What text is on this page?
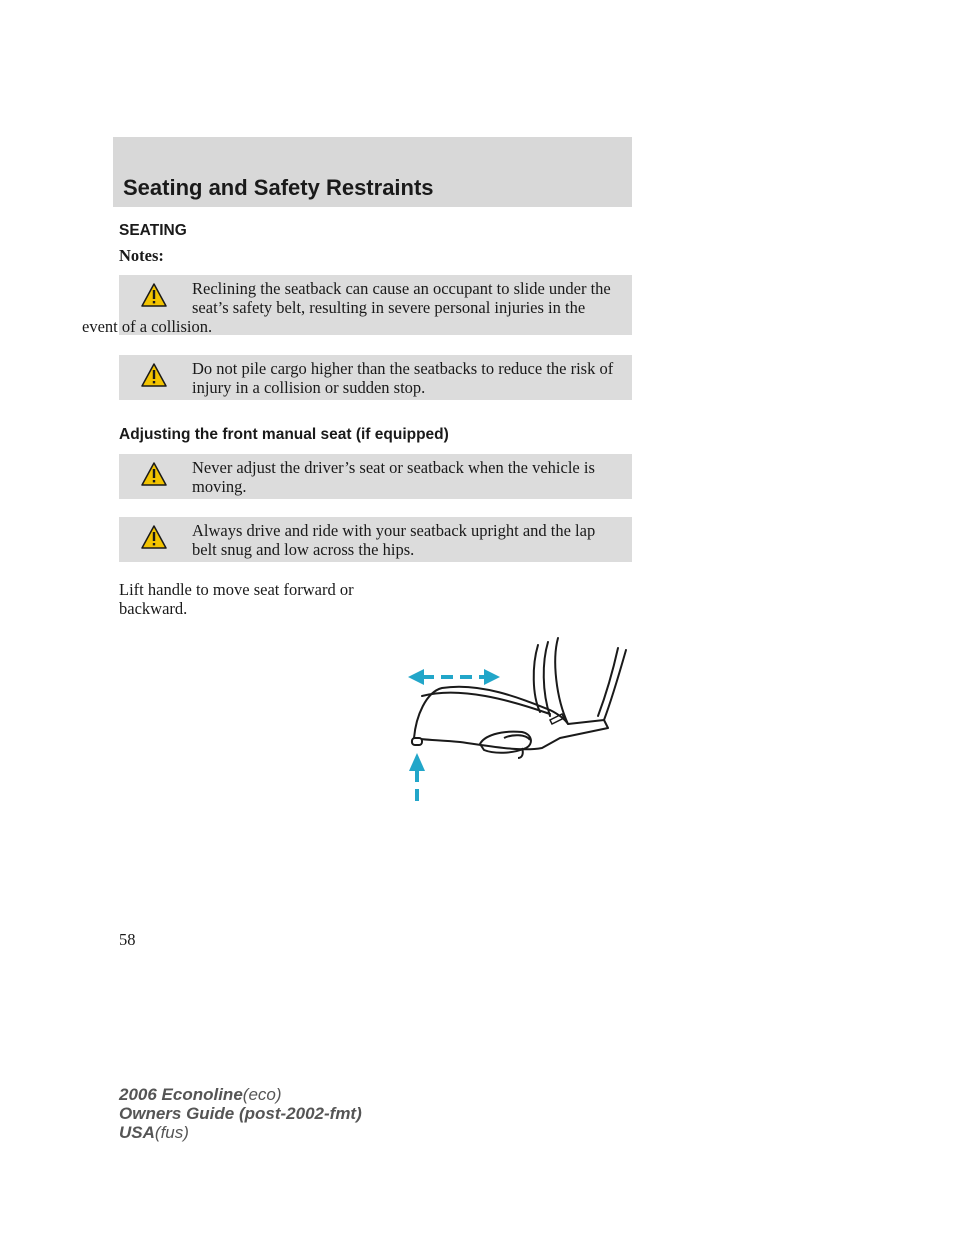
Seating and Safety Restraints
SEATING
Notes:
Reclining the seatback can cause an occupant to slide under the
seat’s safety belt, resulting in severe personal injuries in the
event of a collision.
Do not pile cargo higher than the seatbacks to reduce the risk of
injury in a collision or sudden stop.
Adjusting the front manual seat (if equipped)
Never adjust the driver’s seat or seatback when the vehicle is
moving.
Always drive and ride with your seatback upright and the lap
belt snug and low across the hips.
Lift handle to move seat forward or
backward.
58
2006 Econoline(eco)
Owners Guide (post-2002-fmt)
USA(fus)
